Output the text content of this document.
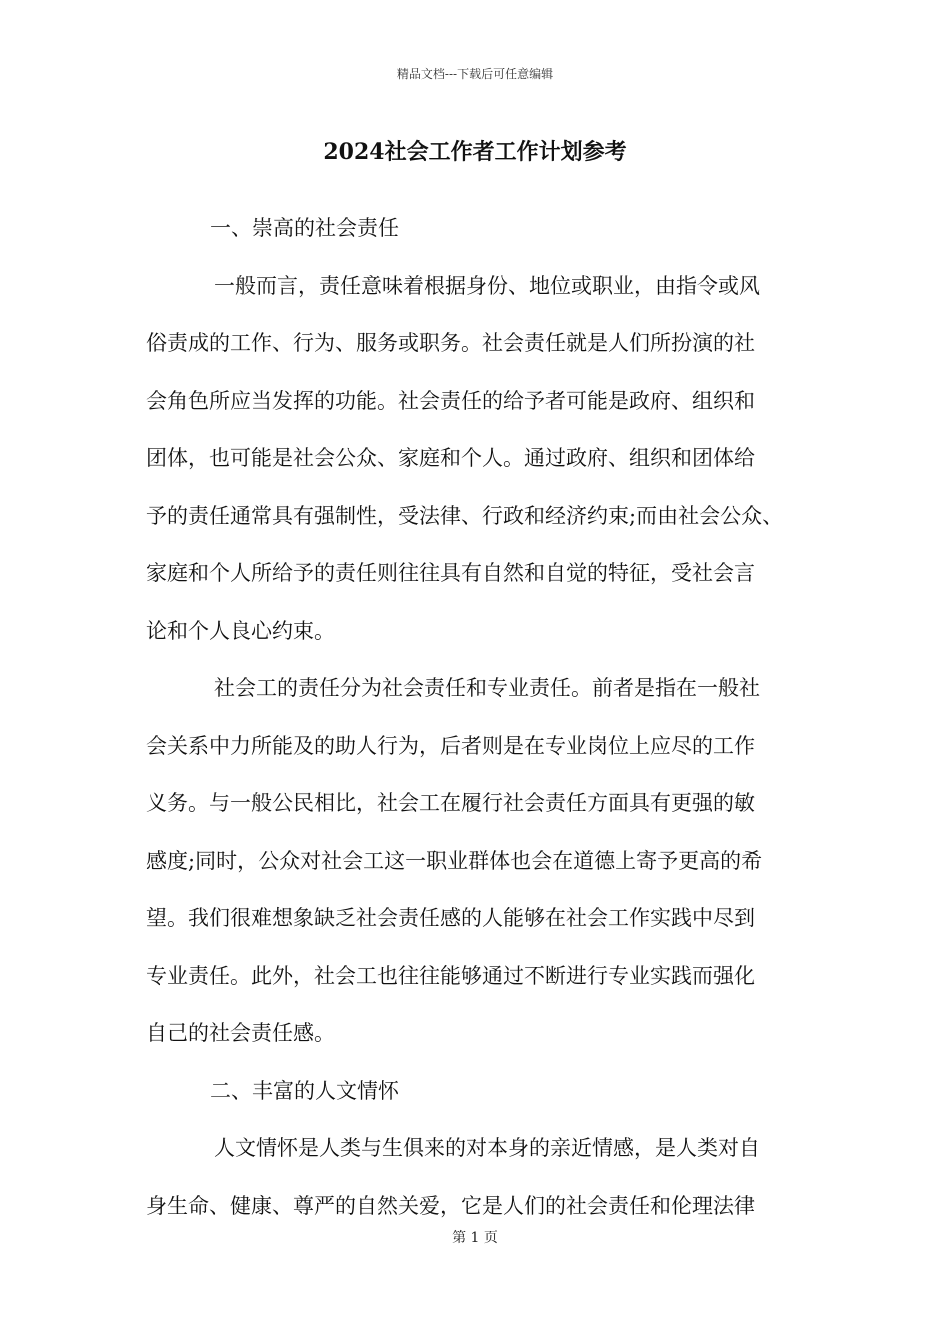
精品文档---下载后可任意编辑
2024社会工作者工作计划参考
一、崇高的社会责任
一般而言，责任意味着根据身份、地位或职业，由指令或风
俗责成的工作、行为、服务或职务。社会责任就是人们所扮演的社
会角色所应当发挥的功能。社会责任的给予者可能是政府、组织和
团体，也可能是社会公众、家庭和个人。通过政府、组织和团体给
予的责任通常具有强制性，受法律、行政和经济约束;而由社会公众、
家庭和个人所给予的责任则往往具有自然和自觉的特征，受社会言
论和个人良心约束。
社会工的责任分为社会责任和专业责任。前者是指在一般社
会关系中力所能及的助人行为，后者则是在专业岗位上应尽的工作
义务。与一般公民相比，社会工在履行社会责任方面具有更强的敏
感度;同时，公众对社会工这一职业群体也会在道德上寄予更高的希
望。我们很难想象缺乏社会责任感的人能够在社会工作实践中尽到
专业责任。此外，社会工也往往能够通过不断进行专业实践而强化
自己的社会责任感。
二、丰富的人文情怀
人文情怀是人类与生俱来的对本身的亲近情感，是人类对自
身生命、健康、尊严的自然关爱，它是人们的社会责任和伦理法律
第 1 页
